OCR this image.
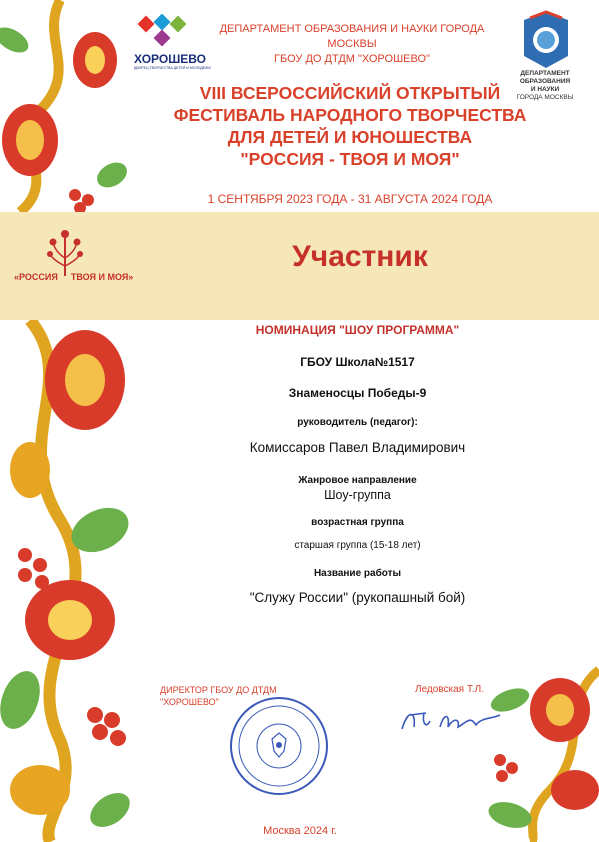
ХОРОШЕВО
ДВОРЕЦ ТВОРЧЕСТВА ДЕТЕЙ И МОЛОДЕЖИ
ДЕПАРТАМЕНТ ОБРАЗОВАНИЯ И НАУКИ ГОРОДА МОСКВЫ
ГБОУ ДО ДТДМ "ХОРОШЕВО"
ДЕПАРТАМЕНТ
ОБРАЗОВАНИЯ
И НАУКИ
ГОРОДА МОСКВЫ
VIII ВСЕРОССИЙСКИЙ ОТКРЫТЫЙ
ФЕСТИВАЛЬ НАРОДНОГО ТВОРЧЕСТВА
ДЛЯ ДЕТЕЙ И ЮНОШЕСТВА
"РОССИЯ - ТВОЯ И МОЯ"
1 СЕНТЯБРЯ 2023 ГОДА - 31 АВГУСТА 2024 ГОДА
«РОССИЯ ТВОЯ И МОЯ»
Участник
НОМИНАЦИЯ "ШОУ ПРОГРАММА"
ГБОУ Школа№1517
Знаменосцы Победы-9
руководитель (педагог):
Комиссаров Павел Владимирович
Жанровое направление
Шоу-группа
возрастная группа
старшая группа (15-18 лет)
Название работы
"Служу России" (рукопашный бой)
ДИРЕКТОР ГБОУ ДО ДТДМ
"ХОРОШЕВО"
Ледовская Т.Л.
Москва 2024 г.
